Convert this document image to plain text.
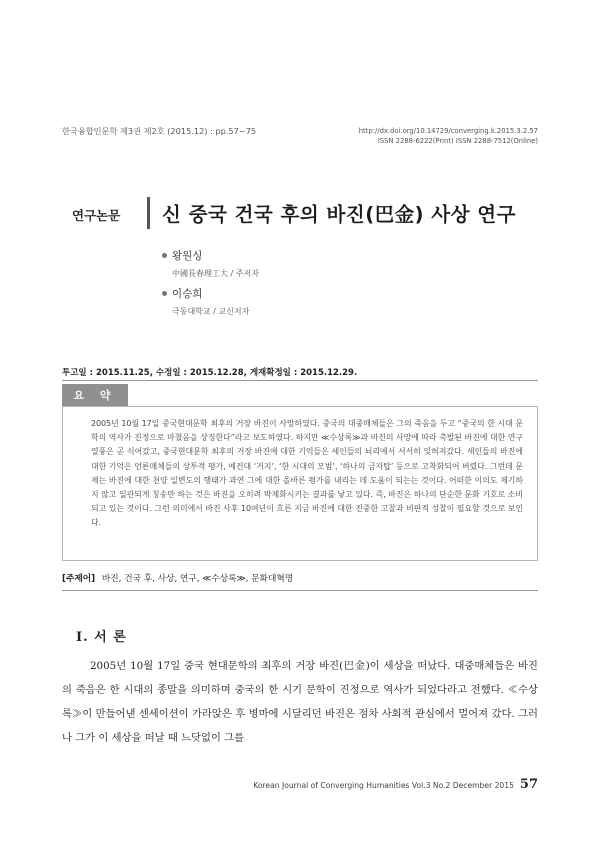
한국융합인문학 제3권 제2호 (2015.12) : pp.57~75	http://dx.doi.org/10.14729/converging.k.2015.3.2.57
ISSN 2288-6222(Print) ISSN 2288-7512(Online)
연구논문 신 중국 건국 후의 바진(巴金) 사상 연구
왕원싱
中國長春理工大 / 주저자
이승희
극동대학교 / 교신저자
투고일 : 2015.11.25, 수정일 : 2015.12.28, 게재확정일 : 2015.12.29.
요 약
2005년 10월 17일 중국현대문학 최후의 거장 바진이 사망하였다. 중국의 대중매체들은 그의 죽음을 두고 “중국의 한 시대 문학의 역사가 진정으로 마쳤음을 상징한다”라고 보도하였다. 하지만 ≪수상록≫과 바진의 사망에 따라 촉발된 바진에 대한 연구 열풍은 곧 식어갔고, 중국현대문학 최후의 거장 바진에 대한 기억들은 세인들의 뇌리에서 서서히 잊혀져갔다. 세인들의 바진에 대한 기억은 언론매체들의 상투적 평가, 예컨대 ‘거지’, ‘한 시대의 모범’, ‘하나의 금자탑’ 등으로 고착화되어 버렸다. 그런데 문제는 바진에 대한 천양 일변도의 행태가 과연 그에 대한 올바른 평가를 내리는 데 도움이 되는는 것이다. 어떠한 이의도 제기하지 않고 일관되게 칭송만 하는 것은 바진을 오히려 박제화시키는 결과를 낳고 있다. 즉, 바진은 하나의 단순한 문화 기호로 소비되고 있는 것이다. 그런 의미에서 바진 사후 10여년이 흐른 지금 바진에 대한 진중한 고찰과 비판적 성찰이 필요할 것으로 보인다.
[주제어] 바진, 건국 후, 사상, 연구, ≪수상록≫, 문화대혁명
Ⅰ. 서 론

2005년 10월 17일 중국 현대문학의 최후의 거장 바진(巴金)이 세상을 떠났다. 대중매체들은 바진의 죽음은 한 시대의 종말을 의미하며 중국의 한 시기 문학이 진정으로 역사가 되었다라고 전했다. ≪수상록≫이 만들어낸 센세이션이 가라앉은 후 병마에 시달리던 바진은 점차 사회적 관심에서 멀어져 갔다. 그러나 그가 이 세상을 떠날 때 느닷없이 그를

Korean Journal of Converging Humanities Vol.3 No.2 December 2015 57
